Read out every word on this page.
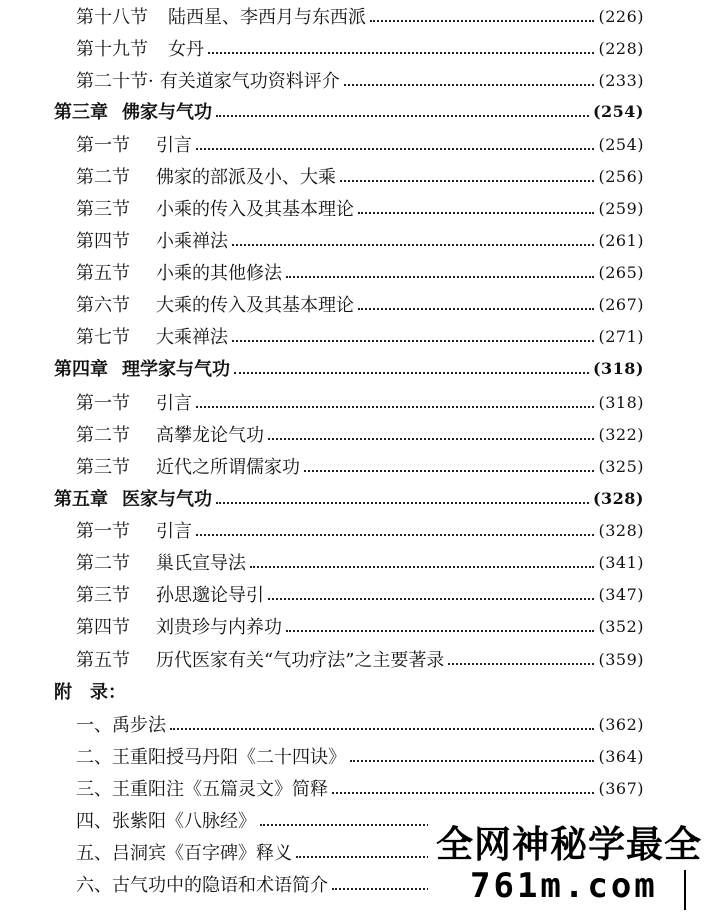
第十八节 陆西星、李西月与东西派	(226)
第十九节 女丹	(228)
第二十节· 有关道家气功资料评介	(233)
第三章 佛家与气功	(254)
第一节 引言	(254)
第二节 佛家的部派及小、大乘	(256)
第三节 小乘的传入及其基本理论	(259)
第四节 小乘禅法	(261)
第五节 小乘的其他修法	(265)
第六节 大乘的传入及其基本理论	(267)
第七节 大乘禅法	(271)
第四章 理学家与气功	(318)
第一节 引言	(318)
第二节 高攀龙论气功	(322)
第三节 近代之所谓儒家功	(325)
第五章 医家与气功	(328)
第一节 引言	(328)
第二节 巢氏宣导法	(341)
第三节 孙思邈论导引	(347)
第四节 刘贵珍与内养功	(352)
第五节 历代医家有关“气功疗法”之主要著录	(359)
附　录：
一、 禹步法	(362)
二、 王重阳授马丹阳《二十四诀》	(364)
三、 王重阳注《五篇灵文》简释	(367)
四、 张紫阳《八脉经》
五、 吕洞宾《百字碑》释义
六、 古气功中的隐语和术语简介
全网神秘学最全
761m.com
